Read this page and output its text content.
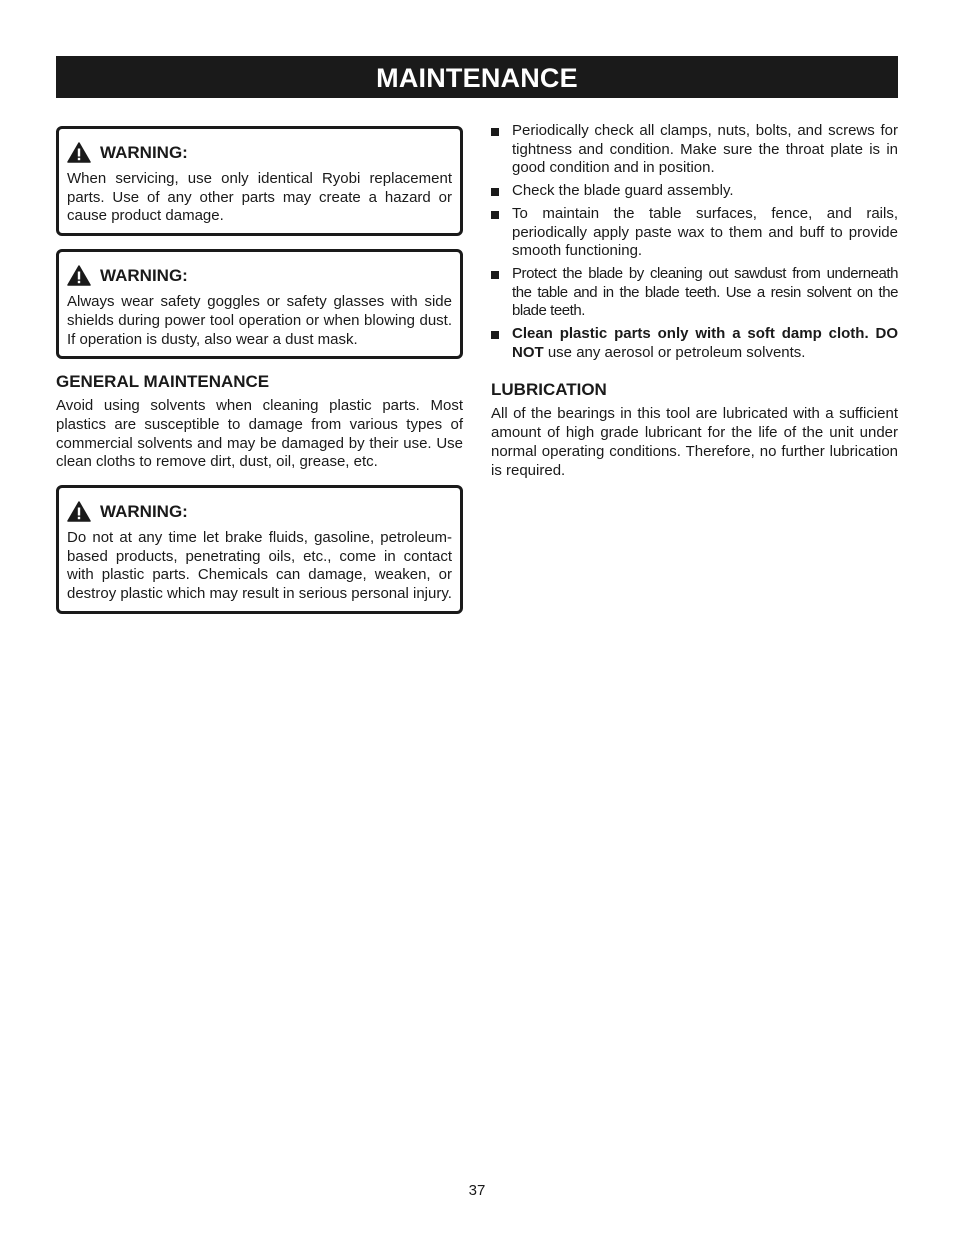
MAINTENANCE
WARNING:
When servicing, use only identical Ryobi replacement parts. Use of any other parts may create a hazard or cause product damage.
WARNING:
Always wear safety goggles or safety glasses with side shields during power tool operation or when blowing dust. If operation is dusty, also wear a dust mask.
GENERAL MAINTENANCE

Avoid using solvents when cleaning plastic parts. Most plastics are susceptible to damage from various types of commercial solvents and may be damaged by their use. Use clean cloths to remove dirt, dust, oil, grease, etc.

WARNING:
Do not at any time let brake fluids, gasoline, petroleum-based products, penetrating oils, etc., come in contact with plastic parts. Chemicals can damage, weaken, or destroy plastic which may result in serious personal injury.
Periodically check all clamps, nuts, bolts, and screws for tightness and condition. Make sure the throat plate is in good condition and in position.
Check the blade guard assembly.
To maintain the table surfaces, fence, and rails, periodically apply paste wax to them and buff to provide smooth functioning.
Protect the blade by cleaning out sawdust from underneath the table and in the blade teeth. Use a resin solvent on the blade teeth.
Clean plastic parts only with a soft damp cloth. DO NOT use any aerosol or petroleum solvents.
LUBRICATION

All of the bearings in this tool are lubricated with a sufficient amount of high grade lubricant for the life of the unit under normal operating conditions. Therefore, no further lubrication is required.

37
